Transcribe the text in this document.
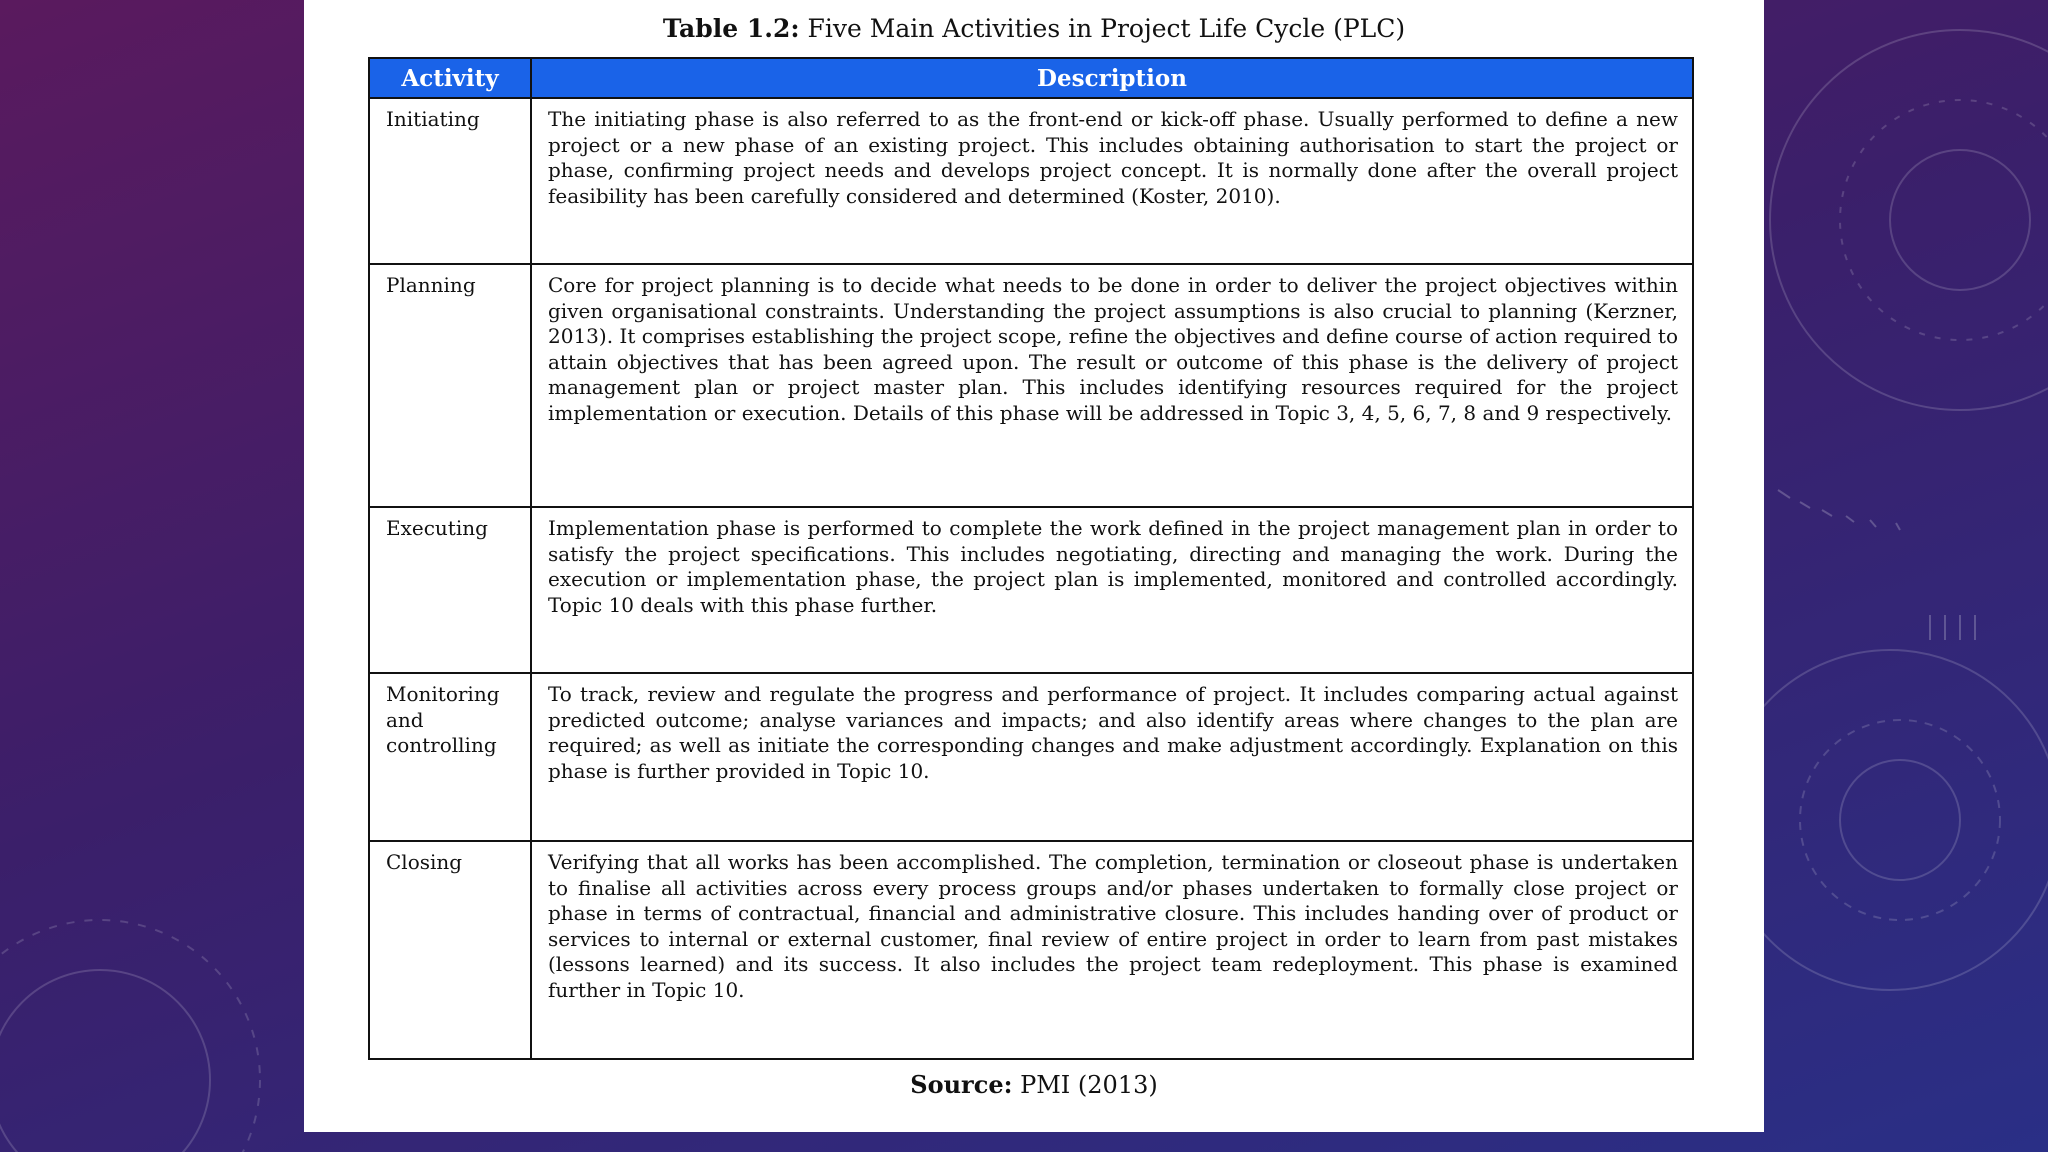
Table 1.2: Five Main Activities in Project Life Cycle (PLC)
Activity	Description
Initiating	The initiating phase is also referred to as the front-end or kick-off phase. Usually performed to define a new project or a new phase of an existing project. This includes obtaining authorisation to start the project or phase, confirming project needs and develops project concept. It is normally done after the overall project feasibility has been carefully considered and determined (Koster, 2010).
Planning	Core for project planning is to decide what needs to be done in order to deliver the project objectives within given organisational constraints. Understanding the project assumptions is also crucial to planning (Kerzner, 2013). It comprises establishing the project scope, refine the objectives and define course of action required to attain objectives that has been agreed upon. The result or outcome of this phase is the delivery of project management plan or project master plan. This includes identifying resources required for the project implementation or execution. Details of this phase will be addressed in Topic 3, 4, 5, 6, 7, 8 and 9 respectively.
Executing	Implementation phase is performed to complete the work defined in the project management plan in order to satisfy the project specifications. This includes negotiating, directing and managing the work. During the execution or implementation phase, the project plan is implemented, monitored and controlled accordingly. Topic 10 deals with this phase further.
Monitoring and controlling	To track, review and regulate the progress and performance of project. It includes comparing actual against predicted outcome; analyse variances and impacts; and also identify areas where changes to the plan are required; as well as initiate the corresponding changes and make adjustment accordingly. Explanation on this phase is further provided in Topic 10.
Closing	Verifying that all works has been accomplished. The completion, termination or closeout phase is undertaken to finalise all activities across every process groups and/or phases undertaken to formally close project or phase in terms of contractual, financial and administrative closure. This includes handing over of product or services to internal or external customer, final review of entire project in order to learn from past mistakes (lessons learned) and its success. It also includes the project team redeployment. This phase is examined further in Topic 10.
Source: PMI (2013)
